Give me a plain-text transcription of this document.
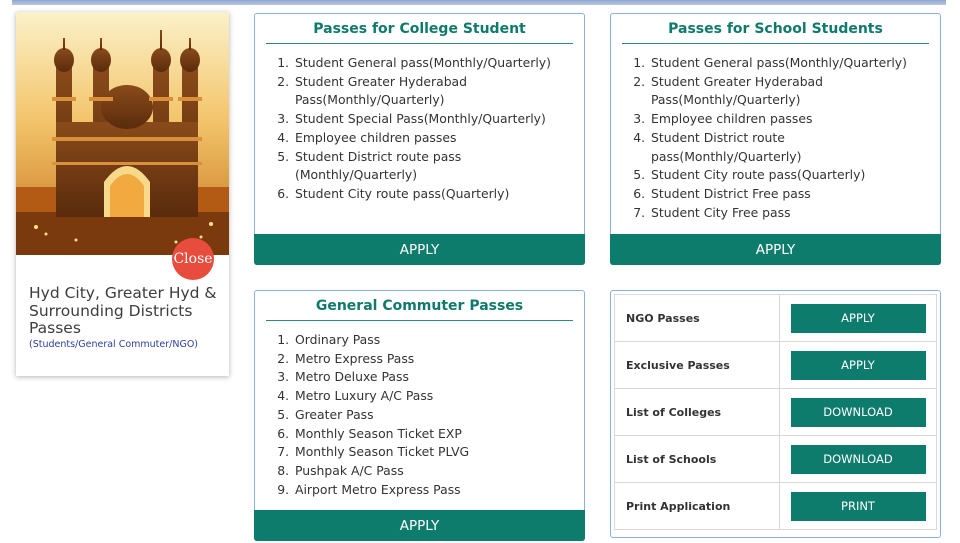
Close
Hyd City, Greater Hyd & Surrounding Districts Passes
(Students/General Commuter/NGO)
Passes for College Student
1. Student General pass(Monthly/Quarterly)
2. Student Greater Hyderabad Pass(Monthly/Quarterly)
3. Student Special Pass(Monthly/Quarterly)
4. Employee children passes
5. Student District route pass (Monthly/Quarterly)
6. Student City route pass(Quarterly)
APPLY
Passes for School Students
1. Student General pass(Monthly/Quarterly)
2. Student Greater Hyderabad Pass(Monthly/Quarterly)
3. Employee children passes
4. Student District route pass(Monthly/Quarterly)
5. Student City route pass(Quarterly)
6. Student District Free pass
7. Student City Free pass
APPLY
General Commuter Passes
1. Ordinary Pass
2. Metro Express Pass
3. Metro Deluxe Pass
4. Metro Luxury A/C Pass
5. Greater Pass
6. Monthly Season Ticket EXP
7. Monthly Season Ticket PLVG
8. Pushpak A/C Pass
9. Airport Metro Express Pass
APPLY
NGO Passes	APPLY
Exclusive Passes	APPLY
List of Colleges	DOWNLOAD
List of Schools	DOWNLOAD
Print Application	PRINT
